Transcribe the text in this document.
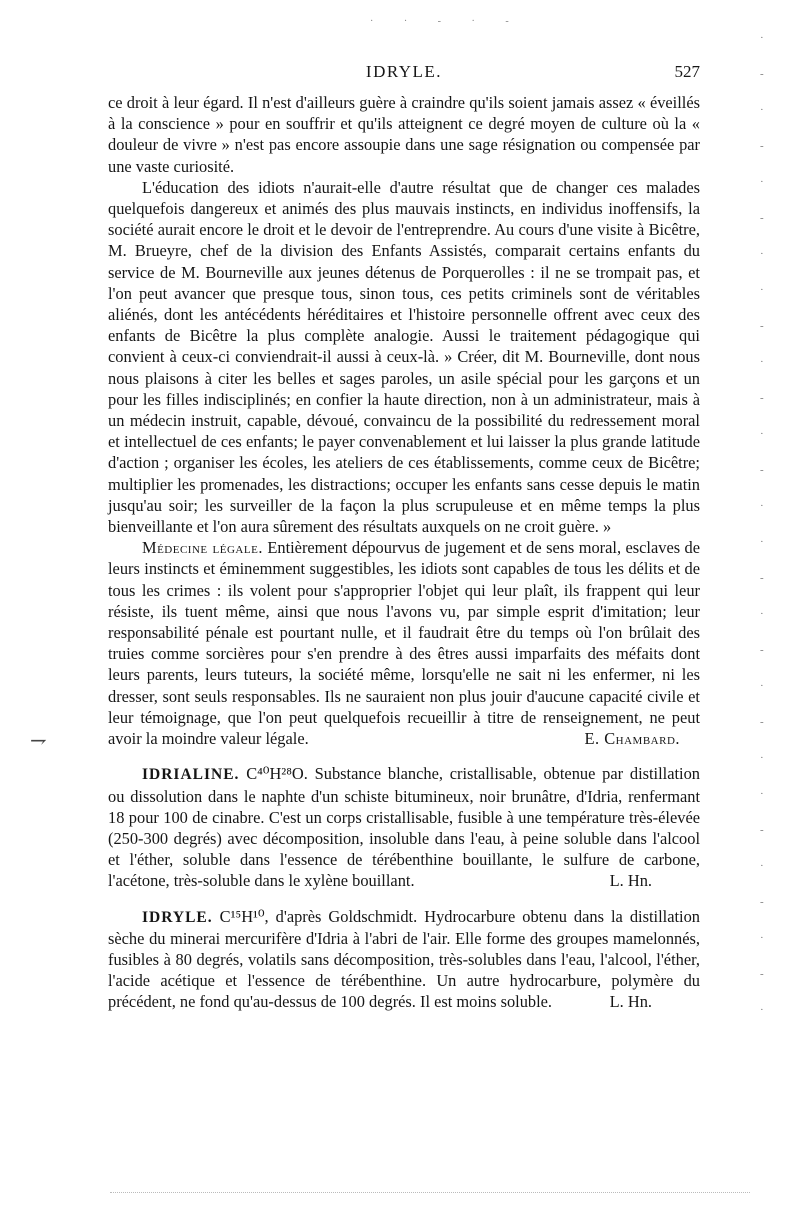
· · - · -
IDRYLE.	527

ce droit à leur égard. Il n'est d'ailleurs guère à craindre qu'ils soient jamais assez « éveillés à la conscience » pour en souffrir et qu'ils atteignent ce degré moyen de culture où la « douleur de vivre » n'est pas encore assoupie dans une sage résignation ou compensée par une vaste curiosité.

L'éducation des idiots n'aurait-elle d'autre résultat que de changer ces malades quelquefois dangereux et animés des plus mauvais instincts, en individus inoffensifs, la société aurait encore le droit et le devoir de l'entreprendre. Au cours d'une visite à Bicêtre, M. Brueyre, chef de la division des Enfants Assistés, comparait certains enfants du service de M. Bourneville aux jeunes détenus de Porquerolles : il ne se trompait pas, et l'on peut avancer que presque tous, sinon tous, ces petits criminels sont de véritables aliénés, dont les antécédents héréditaires et l'histoire personnelle offrent avec ceux des enfants de Bicêtre la plus complète analogie. Aussi le traitement pédagogique qui convient à ceux-ci conviendrait-il aussi à ceux-là. » Créer, dit M. Bourneville, dont nous nous plaisons à citer les belles et sages paroles, un asile spécial pour les garçons et un pour les filles indisciplinés; en confier la haute direction, non à un administrateur, mais à un médecin instruit, capable, dévoué, convaincu de la possibilité du redressement moral et intellectuel de ces enfants; le payer convenablement et lui laisser la plus grande latitude d'action ; organiser les écoles, les ateliers de ces établissements, comme ceux de Bicêtre; multiplier les promenades, les distractions; occuper les enfants sans cesse depuis le matin jusqu'au soir; les surveiller de la façon la plus scrupuleuse et en même temps la plus bienveillante et l'on aura sûrement des résultats auxquels on ne croit guère. »

Médecine légale. Entièrement dépourvus de jugement et de sens moral, esclaves de leurs instincts et éminemment suggestibles, les idiots sont capables de tous les délits et de tous les crimes : ils volent pour s'approprier l'objet qui leur plaît, ils frappent qui leur résiste, ils tuent même, ainsi que nous l'avons vu, par simple esprit d'imitation; leur responsabilité pénale est pourtant nulle, et il faudrait être du temps où l'on brûlait des truies comme sorcières pour s'en prendre à des êtres aussi imparfaits des méfaits dont leurs parents, leurs tuteurs, la société même, lorsqu'elle ne sait ni les enfermer, ni les dresser, sont seuls responsables. Ils ne sauraient non plus jouir d'aucune capacité civile et leur témoignage, que l'on peut quelquefois recueillir à titre de renseignement, ne peut avoir la moindre valeur légale.	E. Chambard.

IDRIALINE. C⁴⁰H²⁸O. Substance blanche, cristallisable, obtenue par distillation ou dissolution dans le naphte d'un schiste bitumineux, noir brunâtre, d'Idria, renfermant 18 pour 100 de cinabre. C'est un corps cristallisable, fusible à une température très-élevée (250-300 degrés) avec décomposition, insoluble dans l'eau, à peine soluble dans l'alcool et l'éther, soluble dans l'essence de térébenthine bouillante, le sulfure de carbone, l'acétone, très-soluble dans le xylène bouillant.	L. Hn.

IDRYLE. C¹⁵H¹⁰, d'après Goldschmidt. Hydrocarbure obtenu dans la distillation sèche du minerai mercurifère d'Idria à l'abri de l'air. Elle forme des groupes mamelonnés, fusibles à 80 degrés, volatils sans décomposition, très-solubles dans l'eau, l'alcool, l'éther, l'acide acétique et l'essence de térébenthine. Un autre hydrocarbure, polymère du précédent, ne fond qu'au-dessus de 100 degrés. Il est moins soluble.	L. Hn.

⇁
·
-
·
-
·
-
·
·
-
·
-
·
-
·
·
-
·
-
·
-
·
·
-
·
-
·
-
·
